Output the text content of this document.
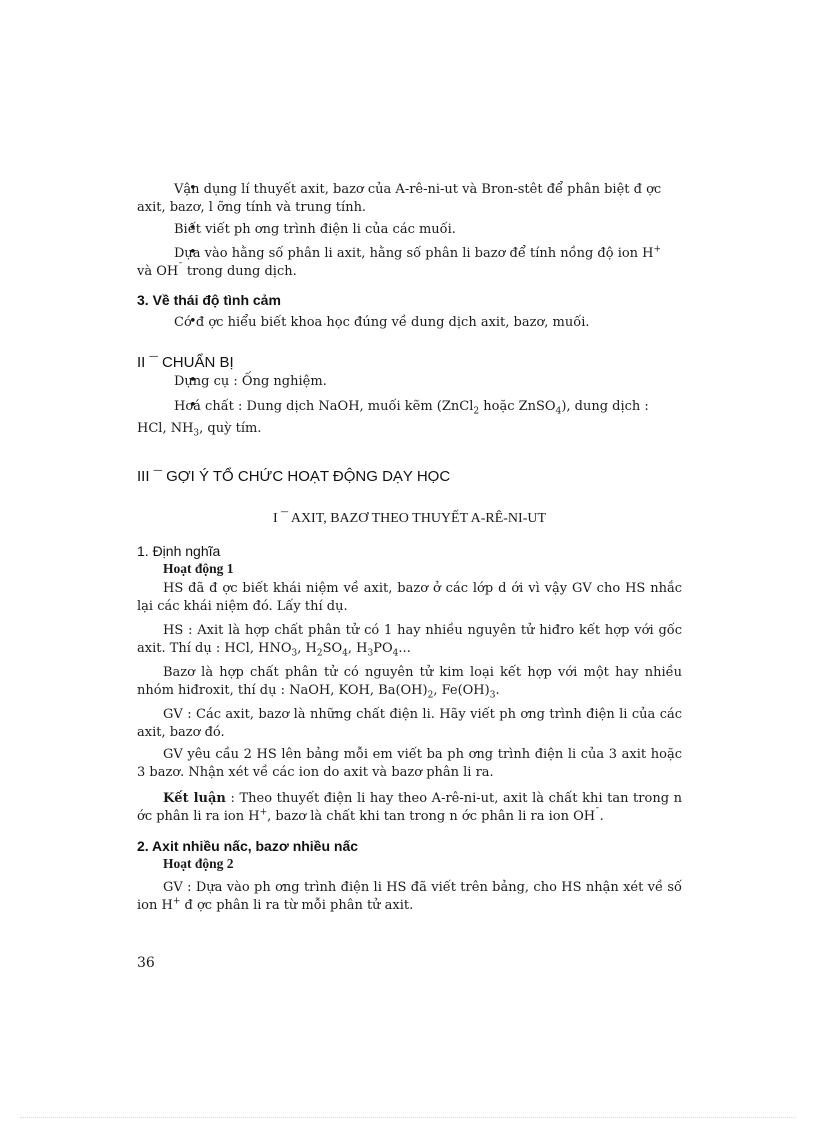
• Vận dụng lí thuyết axit, bazơ của A-rê-ni-ut và Bron-stêt để phân biệt đ ợc

axit, bazơ, l ỡng tính và trung tính.

• Biết viết ph ơng trình điện li của các muối.

• Dựa vào hằng số phân li axit, hằng số phân li bazơ để tính nồng độ ion H+

và OH¯ trong dung dịch.

3. Về thái độ tình cảm

• Có đ ợc hiểu biết khoa học đúng về dung dịch axit, bazơ, muối.

II ¯ CHUẨN BỊ

• Dụng cụ : Ống nghiệm.

• Hoá chất : Dung dịch NaOH, muối kẽm (ZnCl$_2$ hoặc ZnSO$_4$), dung dịch :

HCl, $NH_3$, quỳ tím.

III ¯ GỢI Ý TỔ CHỨC HOẠT ĐỘNG DẠY HỌC

I ¯ AXIT, BAZƠ THEO THUYẾT A-RÊ-NI-UT

1. Định nghĩa

Hoạt động 1

HS đã đ ợc biết khái niệm về axit, bazơ ở các lớp d ới vì vậy GV cho HS nhắc lại các khái niệm đó. Lấy thí dụ.

HS : Axit là hợp chất phân tử có 1 hay nhiều nguyên tử hiđro kết hợp với gốc axit. Thí dụ : HCl, $HNO_3$, $H_2SO_4$, $H_3PO_4$...

Bazơ là hợp chất phân tử có nguyên tử kim loại kết hợp với một hay nhiều nhóm hiđroxit, thí dụ : NaOH, KOH, $Ba(OH)_2$, $Fe(OH)_3$.

GV : Các axit, bazơ là những chất điện li. Hãy viết ph ơng trình điện li của các axit, bazơ đó.

GV yêu cầu 2 HS lên bảng mỗi em viết ba ph ơng trình điện li của 3 axit hoặc 3 bazơ. Nhận xét về các ion do axit và bazơ phân li ra.

Kết luận : Theo thuyết điện li hay theo A-rê-ni-ut, axit là chất khi tan trong n ớc phân li ra ion H+, bazơ là chất khi tan trong n ớc phân li ra ion OH¯.

2. Axit nhiều nấc, bazơ nhiều nấc

Hoạt động 2

GV : Dựa vào ph ơng trình điện li HS đã viết trên bảng, cho HS nhận xét về số ion H+ đ ợc phân li ra từ mỗi phân tử axit.

36
